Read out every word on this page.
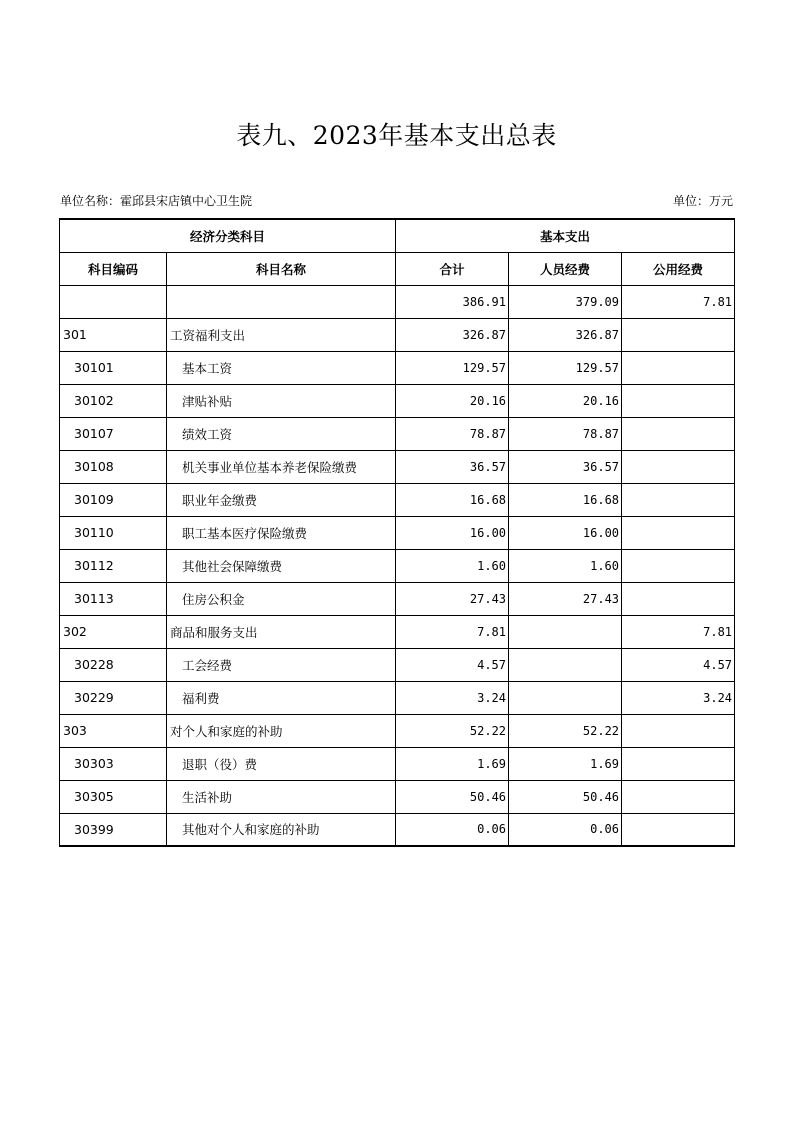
表九、2023年基本支出总表
单位名称：霍邱县宋店镇中心卫生院	单位：万元
经济分类科目		基本支出		
科目编码	科目名称	合计	人员经费	公用经费
		386.91	379.09	7.81
301	工资福利支出	326.87	326.87	
30101	基本工资	129.57	129.57	
30102	津贴补贴	20.16	20.16	
30107	绩效工资	78.87	78.87	
30108	机关事业单位基本养老保险缴费	36.57	36.57	
30109	职业年金缴费	16.68	16.68	
30110	职工基本医疗保险缴费	16.00	16.00	
30112	其他社会保障缴费	1.60	1.60	
30113	住房公积金	27.43	27.43	
302	商品和服务支出	7.81		7.81
30228	工会经费	4.57		4.57
30229	福利费	3.24		3.24
303	对个人和家庭的补助	52.22	52.22	
30303	退职（役）费	1.69	1.69	
30305	生活补助	50.46	50.46	
30399	其他对个人和家庭的补助	0.06	0.06	
